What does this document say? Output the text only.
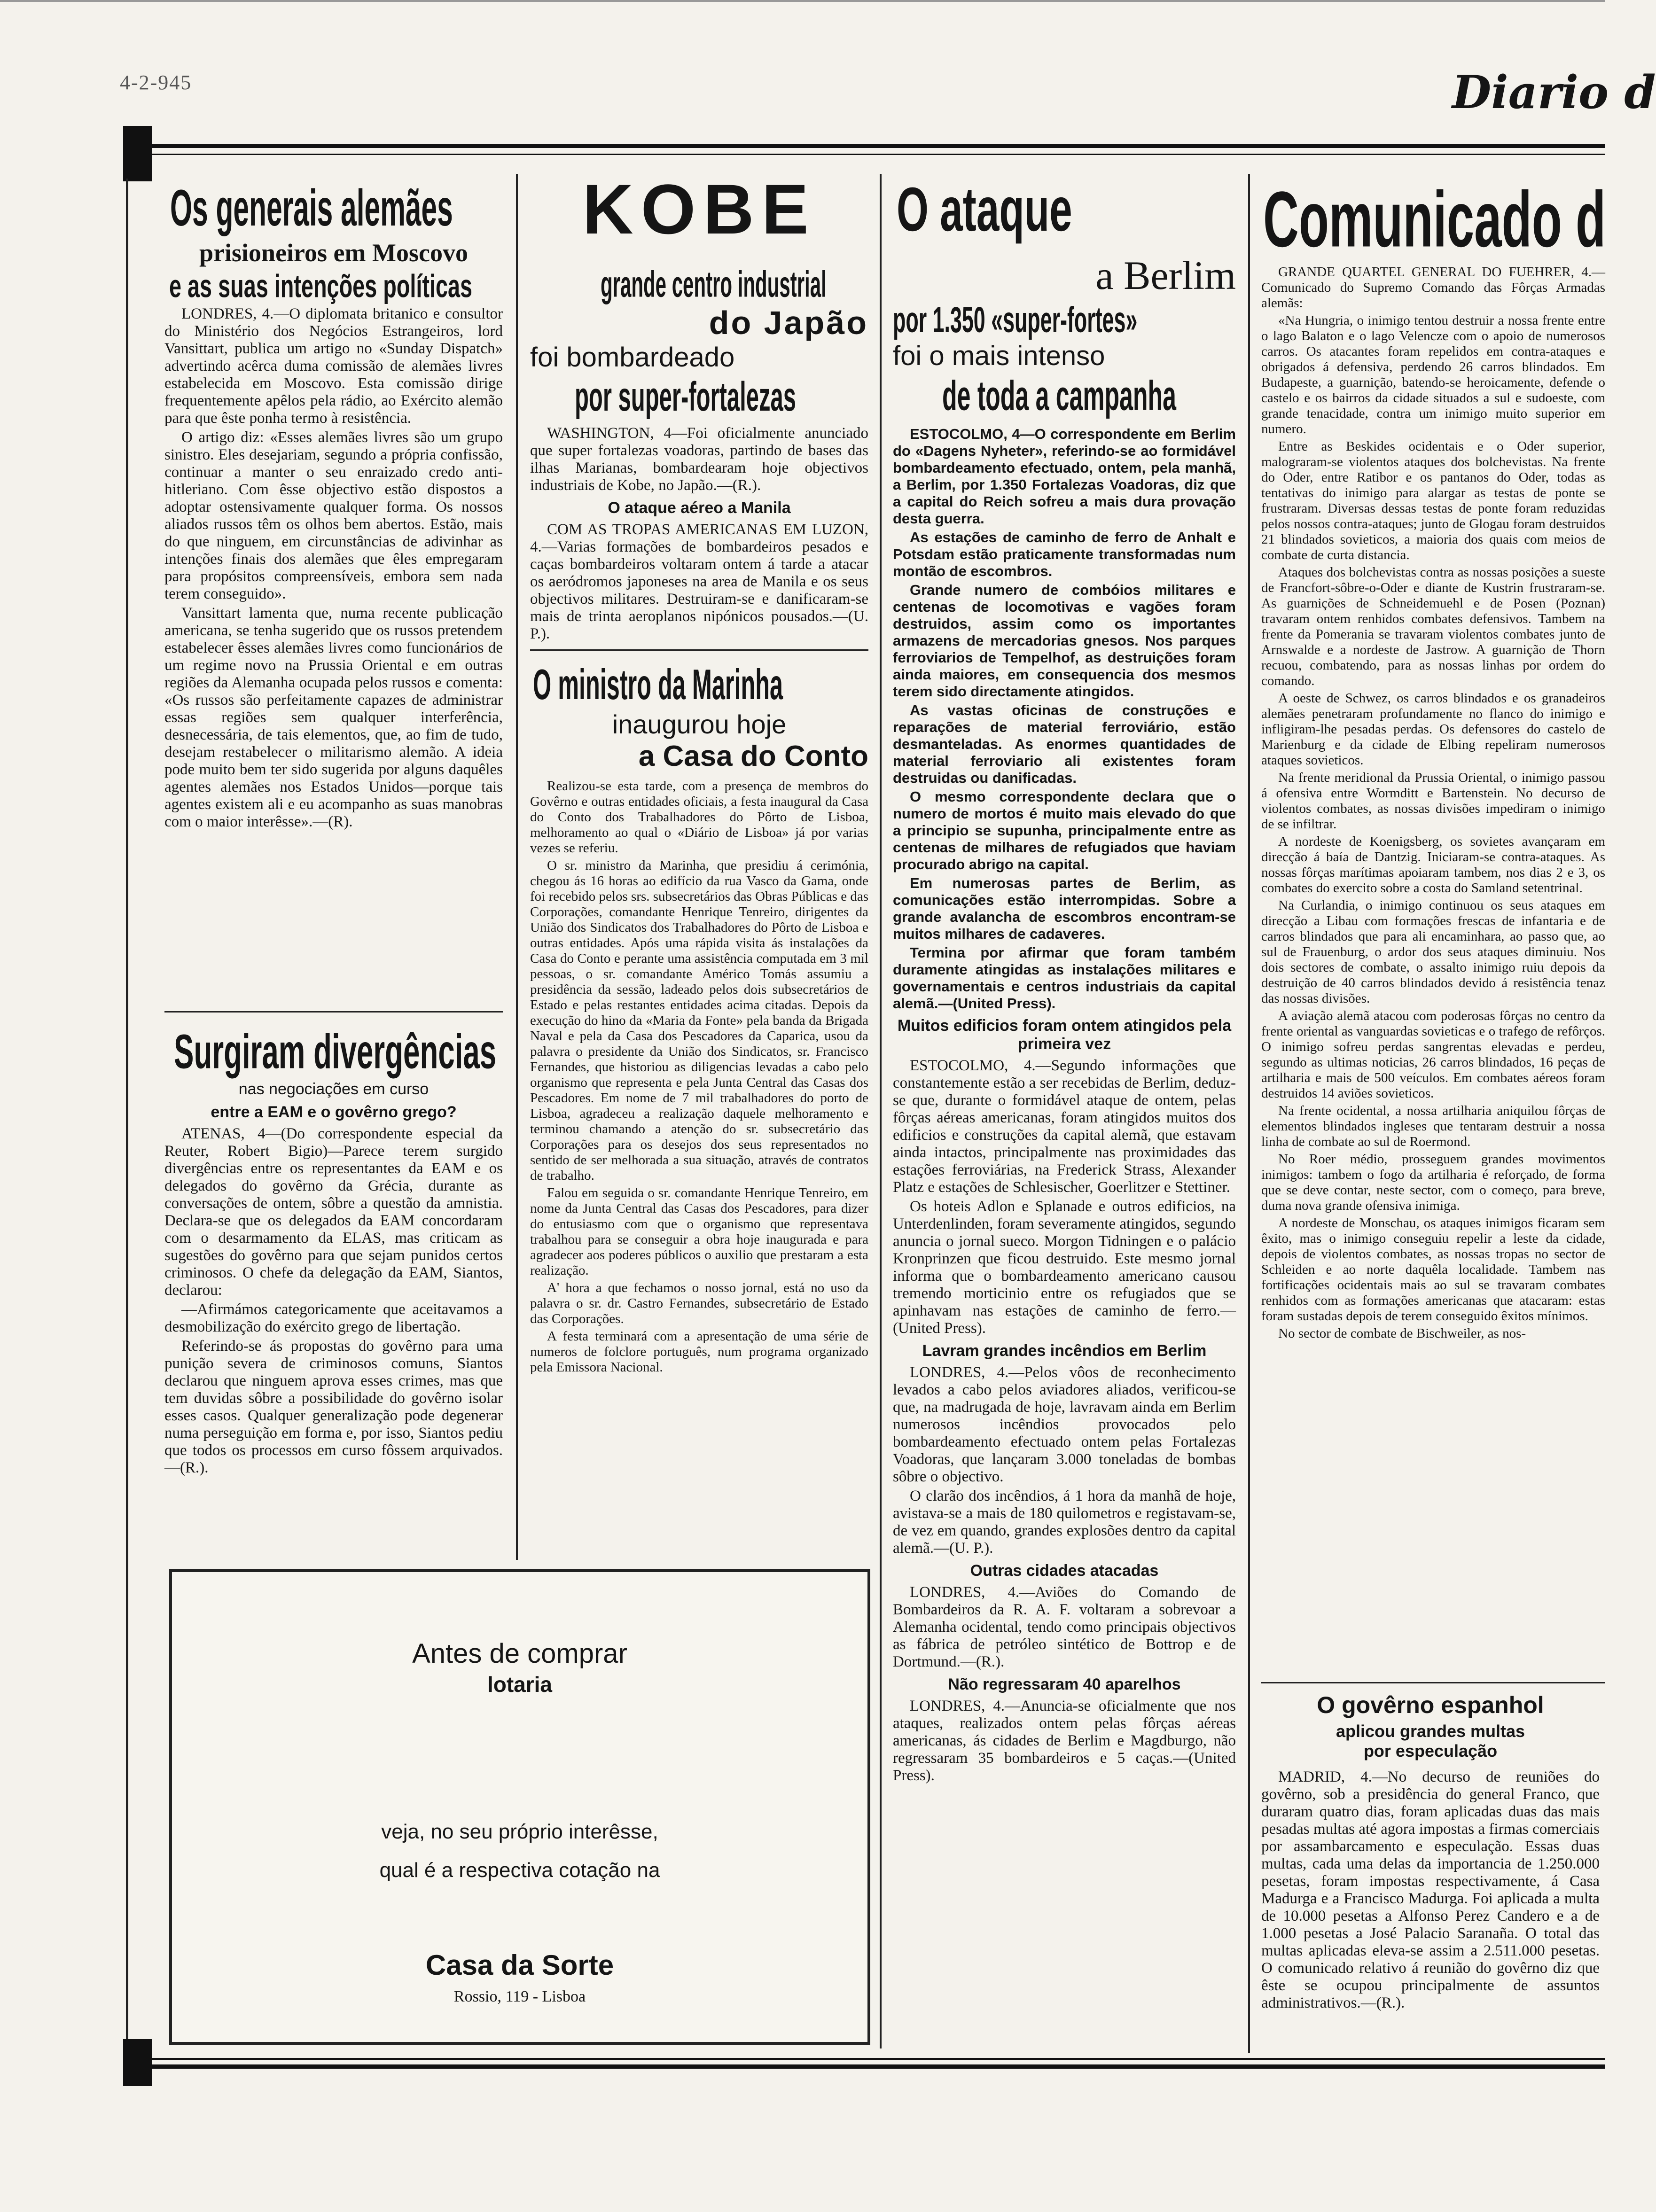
4-2-945	Diario d
Os generais alemães
prisioneiros em Moscovo
e as suas intenções políticas

LONDRES, 4.—O diplomata britanico e consultor do Ministério dos Negócios Estrangeiros, lord Vansittart, publica um artigo no «Sunday Dispatch» advertindo acêrca duma comissão de alemães livres estabelecida em Moscovo. Esta comissão dirige frequentemente apêlos pela rádio, ao Exército alemão para que êste ponha termo à resistência.

O artigo diz: «Esses alemães livres são um grupo sinistro. Eles desejariam, segundo a própria confissão, continuar a manter o seu enraizado credo anti-hitleriano. Com êsse objectivo estão dispostos a adoptar ostensivamente qualquer forma. Os nossos aliados russos têm os olhos bem abertos. Estão, mais do que ninguem, em circunstâncias de adivinhar as intenções finais dos alemães que êles empregaram para propósitos compreensíveis, embora sem nada terem conseguido».

Vansittart lamenta que, numa recente publicação americana, se tenha sugerido que os russos pretendem estabelecer êsses alemães livres como funcionários de um regime novo na Prussia Oriental e em outras regiões da Alemanha ocupada pelos russos e comenta: «Os russos são perfeitamente capazes de administrar essas regiões sem qualquer interferência, desnecessária, de tais elementos, que, ao fim de tudo, desejam restabelecer o militarismo alemão. A ideia pode muito bem ter sido sugerida por alguns daquêles agentes alemães nos Estados Unidos—porque tais agentes existem ali e eu acompanho as suas manobras com o maior interêsse».—(R).

Surgiram divergências
nas negociações em curso
entre a EAM e o govêrno grego?

ATENAS, 4—(Do correspondente especial da Reuter, Robert Bigio)—Parece terem surgido divergências entre os representantes da EAM e os delegados do govêrno da Grécia, durante as conversações de ontem, sôbre a questão da amnistia. Declara-se que os delegados da EAM concordaram com o desarmamento da ELAS, mas criticam as sugestões do govêrno para que sejam punidos certos criminosos. O chefe da delegação da EAM, Siantos, declarou:

—Afirmámos categoricamente que aceitavamos a desmobilização do exército grego de libertação.

Referindo-se ás propostas do govêrno para uma punição severa de criminosos comuns, Siantos declarou que ninguem aprova esses crimes, mas que tem duvidas sôbre a possibilidade do govêrno isolar esses casos. Qualquer generalização pode degenerar numa perseguição em forma e, por isso, Siantos pediu que todos os processos em curso fôssem arquivados.—(R.).

KOBE
grande centro industrial
do Japão
foi bombardeado
por super-fortalezas

WASHINGTON, 4—Foi oficialmente anunciado que super fortalezas voadoras, partindo de bases das ilhas Marianas, bombardearam hoje objectivos industriais de Kobe, no Japão.—(R.).

O ataque aéreo a Manila

COM AS TROPAS AMERICANAS EM LUZON, 4.—Varias formações de bombardeiros pesados e caças bombardeiros voltaram ontem á tarde a atacar os aeródromos japoneses na area de Manila e os seus objectivos militares. Destruiram-se e danificaram-se mais de trinta aeroplanos nipónicos pousados.—(U. P.).

O ministro da Marinha
inaugurou hoje
a Casa do Conto

Realizou-se esta tarde, com a presença de membros do Govêrno e outras entidades oficiais, a festa inaugural da Casa do Conto dos Trabalhadores do Pôrto de Lisboa, melhoramento ao qual o «Diário de Lisboa» já por varias vezes se referiu.

O sr. ministro da Marinha, que presidiu á cerimónia, chegou ás 16 horas ao edifício da rua Vasco da Gama, onde foi recebido pelos srs. subsecretários das Obras Públicas e das Corporações, comandante Henrique Tenreiro, dirigentes da União dos Sindicatos dos Trabalhadores do Pôrto de Lisboa e outras entidades. Após uma rápida visita ás instalações da Casa do Conto e perante uma assistência computada em 3 mil pessoas, o sr. comandante Américo Tomás assumiu a presidência da sessão, ladeado pelos dois subsecretários de Estado e pelas restantes entidades acima citadas. Depois da execução do hino da «Maria da Fonte» pela banda da Brigada Naval e pela da Casa dos Pescadores da Caparica, usou da palavra o presidente da União dos Sindicatos, sr. Francisco Fernandes, que historiou as diligencias levadas a cabo pelo organismo que representa e pela Junta Central das Casas dos Pescadores. Em nome de 7 mil trabalhadores do porto de Lisboa, agradeceu a realização daquele melhoramento e terminou chamando a atenção do sr. subsecretário das Corporações para os desejos dos seus representados no sentido de ser melhorada a sua situação, através de contratos de trabalho.

Falou em seguida o sr. comandante Henrique Tenreiro, em nome da Junta Central das Casas dos Pescadores, para dizer do entusiasmo com que o organismo que representava trabalhou para se conseguir a obra hoje inaugurada e para agradecer aos poderes públicos o auxilio que prestaram a esta realização.

A' hora a que fechamos o nosso jornal, está no uso da palavra o sr. dr. Castro Fernandes, subsecretário de Estado das Corporações.

A festa terminará com a apresentação de uma série de numeros de folclore português, num programa organizado pela Emissora Nacional.

O ataque
a Berlim
por 1.350 «super-fortes»
foi o mais intenso
de toda a campanha

ESTOCOLMO, 4—O correspondente em Berlim do «Dagens Nyheter», referindo-se ao formidável bombardeamento efectuado, ontem, pela manhã, a Berlim, por 1.350 Fortalezas Voadoras, diz que a capital do Reich sofreu a mais dura provação desta guerra.

As estações de caminho de ferro de Anhalt e Potsdam estão praticamente transformadas num montão de escombros.

Grande numero de combóios militares e centenas de locomotivas e vagões foram destruidos, assim como os importantes armazens de mercadorias gnesos. Nos parques ferroviarios de Tempelhof, as destruições foram ainda maiores, em consequencia dos mesmos terem sido directamente atingidos.

As vastas oficinas de construções e reparações de material ferroviário, estão desmanteladas. As enormes quantidades de material ferroviario ali existentes foram destruidas ou danificadas.

O mesmo correspondente declara que o numero de mortos é muito mais elevado do que a principio se supunha, principalmente entre as centenas de milhares de refugiados que haviam procurado abrigo na capital.

Em numerosas partes de Berlim, as comunicações estão interrompidas. Sobre a grande avalancha de escombros encontram-se muitos milhares de cadaveres.

Termina por afirmar que foram também duramente atingidas as instalações militares e governamentais e centros industriais da capital alemã.—(United Press).

Muitos edificios foram ontem atingidos pela primeira vez

ESTOCOLMO, 4.—Segundo informações que constantemente estão a ser recebidas de Berlim, deduz-se que, durante o formidável ataque de ontem, pelas fôrças aéreas americanas, foram atingidos muitos dos edificios e construções da capital alemã, que estavam ainda intactos, principalmente nas proximidades das estações ferroviárias, na Frederick Strass, Alexander Platz e estações de Schlesischer, Goerlitzer e Stettiner.

Os hoteis Adlon e Splanade e outros edificios, na Unterdenlinden, foram severamente atingidos, segundo anuncia o jornal sueco. Morgon Tidningen e o palácio Kronprinzen que ficou destruido. Este mesmo jornal informa que o bombardeamento americano causou tremendo morticinio entre os refugiados que se apinhavam nas estações de caminho de ferro.—(United Press).

Lavram grandes incêndios em Berlim

LONDRES, 4.—Pelos vôos de reconhecimento levados a cabo pelos aviadores aliados, verificou-se que, na madrugada de hoje, lavravam ainda em Berlim numerosos incêndios provocados pelo bombardeamento efectuado ontem pelas Fortalezas Voadoras, que lançaram 3.000 toneladas de bombas sôbre o objectivo.

O clarão dos incêndios, á 1 hora da manhã de hoje, avistava-se a mais de 180 quilometros e registavam-se, de vez em quando, grandes explosões dentro da capital alemã.—(U. P.).

Outras cidades atacadas

LONDRES, 4.—Aviões do Comando de Bombardeiros da R. A. F. voltaram a sobrevoar a Alemanha ocidental, tendo como principais objectivos as fábrica de petróleo sintético de Bottrop e de Dortmund.—(R.).

Não regressaram 40 aparelhos

LONDRES, 4.—Anuncia-se oficialmente que nos ataques, realizados ontem pelas fôrças aéreas americanas, ás cidades de Berlim e Magdburgo, não regressaram 35 bombardeiros e 5 caças.—(United Press).

Comunicado d

GRANDE QUARTEL GENERAL DO FUEHRER, 4.—Comunicado do Supremo Comando das Fôrças Armadas alemãs:

«Na Hungria, o inimigo tentou destruir a nossa frente entre o lago Balaton e o lago Velencze com o apoio de numerosos carros. Os atacantes foram repelidos em contra-ataques e obrigados á defensiva, perdendo 26 carros blindados. Em Budapeste, a guarnição, batendo-se heroicamente, defende o castelo e os bairros da cidade situados a sul e sudoeste, com grande tenacidade, contra um inimigo muito superior em numero.

Entre as Beskides ocidentais e o Oder superior, malograram-se violentos ataques dos bolchevistas. Na frente do Oder, entre Ratibor e os pantanos do Oder, todas as tentativas do inimigo para alargar as testas de ponte se frustraram. Diversas dessas testas de ponte foram reduzidas pelos nossos contra-ataques; junto de Glogau foram destruidos 21 blindados sovieticos, a maioria dos quais com meios de combate de curta distancia.

Ataques dos bolchevistas contra as nossas posições a sueste de Francfort-sôbre-o-Oder e diante de Kustrin frustraram-se. As guarnições de Schneidemuehl e de Posen (Poznan) travaram ontem renhidos combates defensivos. Tambem na frente da Pomerania se travaram violentos combates junto de Arnswalde e a nordeste de Jastrow. A guarnição de Thorn recuou, combatendo, para as nossas linhas por ordem do comando.

A oeste de Schwez, os carros blindados e os granadeiros alemães penetraram profundamente no flanco do inimigo e infligiram-lhe pesadas perdas. Os defensores do castelo de Marienburg e da cidade de Elbing repeliram numerosos ataques sovieticos.

Na frente meridional da Prussia Oriental, o inimigo passou á ofensiva entre Wormditt e Bartenstein. No decurso de violentos combates, as nossas divisões impediram o inimigo de se infiltrar.

A nordeste de Koenigsberg, os sovietes avançaram em direcção á baía de Dantzig. Iniciaram-se contra-ataques. As nossas fôrças marítimas apoiaram tambem, nos dias 2 e 3, os combates do exercito sobre a costa do Samland setentrinal.

Na Curlandia, o inimigo continuou os seus ataques em direcção a Libau com formações frescas de infantaria e de carros blindados que para ali encaminhara, ao passo que, ao sul de Frauenburg, o ardor dos seus ataques diminuiu. Nos dois sectores de combate, o assalto inimigo ruiu depois da destruição de 40 carros blindados devido á resistência tenaz das nossas divisões.

A aviação alemã atacou com poderosas fôrças no centro da frente oriental as vanguardas sovieticas e o trafego de refôrços. O inimigo sofreu perdas sangrentas elevadas e perdeu, segundo as ultimas noticias, 26 carros blindados, 16 peças de artilharia e mais de 500 veículos. Em combates aéreos foram destruidos 14 aviões sovieticos.

Na frente ocidental, a nossa artilharia aniquilou fôrças de elementos blindados ingleses que tentaram destruir a nossa linha de combate ao sul de Roermond.

No Roer médio, prosseguem grandes movimentos inimigos: tambem o fogo da artilharia é reforçado, de forma que se deve contar, neste sector, com o começo, para breve, duma nova grande ofensiva inimiga.

A nordeste de Monschau, os ataques inimigos ficaram sem êxito, mas o inimigo conseguiu repelir a leste da cidade, depois de violentos combates, as nossas tropas no sector de Schleiden e ao norte daquêla localidade. Tambem nas fortificações ocidentais mais ao sul se travaram combates renhidos com as formações americanas que atacaram: estas foram sustadas depois de terem conseguido êxitos mínimos.

No sector de combate de Bischweiler, as nos-

O govêrno espanhol
aplicou grandes multas
por especulação

MADRID, 4.—No decurso de reuniões do govêrno, sob a presidência do general Franco, que duraram quatro dias, foram aplicadas duas das mais pesadas multas até agora impostas a firmas comerciais por assambarcamento e especulação. Essas duas multas, cada uma delas da importancia de 1.250.000 pesetas, foram impostas respectivamente, á Casa Madurga e a Francisco Madurga. Foi aplicada a multa de 10.000 pesetas a Alfonso Perez Candero e a de 1.000 pesetas a José Palacio Saranaña. O total das multas aplicadas eleva-se assim a 2.511.000 pesetas. O comunicado relativo á reunião do govêrno diz que êste se ocupou principalmente de assuntos administrativos.—(R.).

Antes de comprar
lotaria
veja, no seu próprio interêsse,
qual é a respectiva cotação na
Casa da Sorte
Rossio, 119 - Lisboa
